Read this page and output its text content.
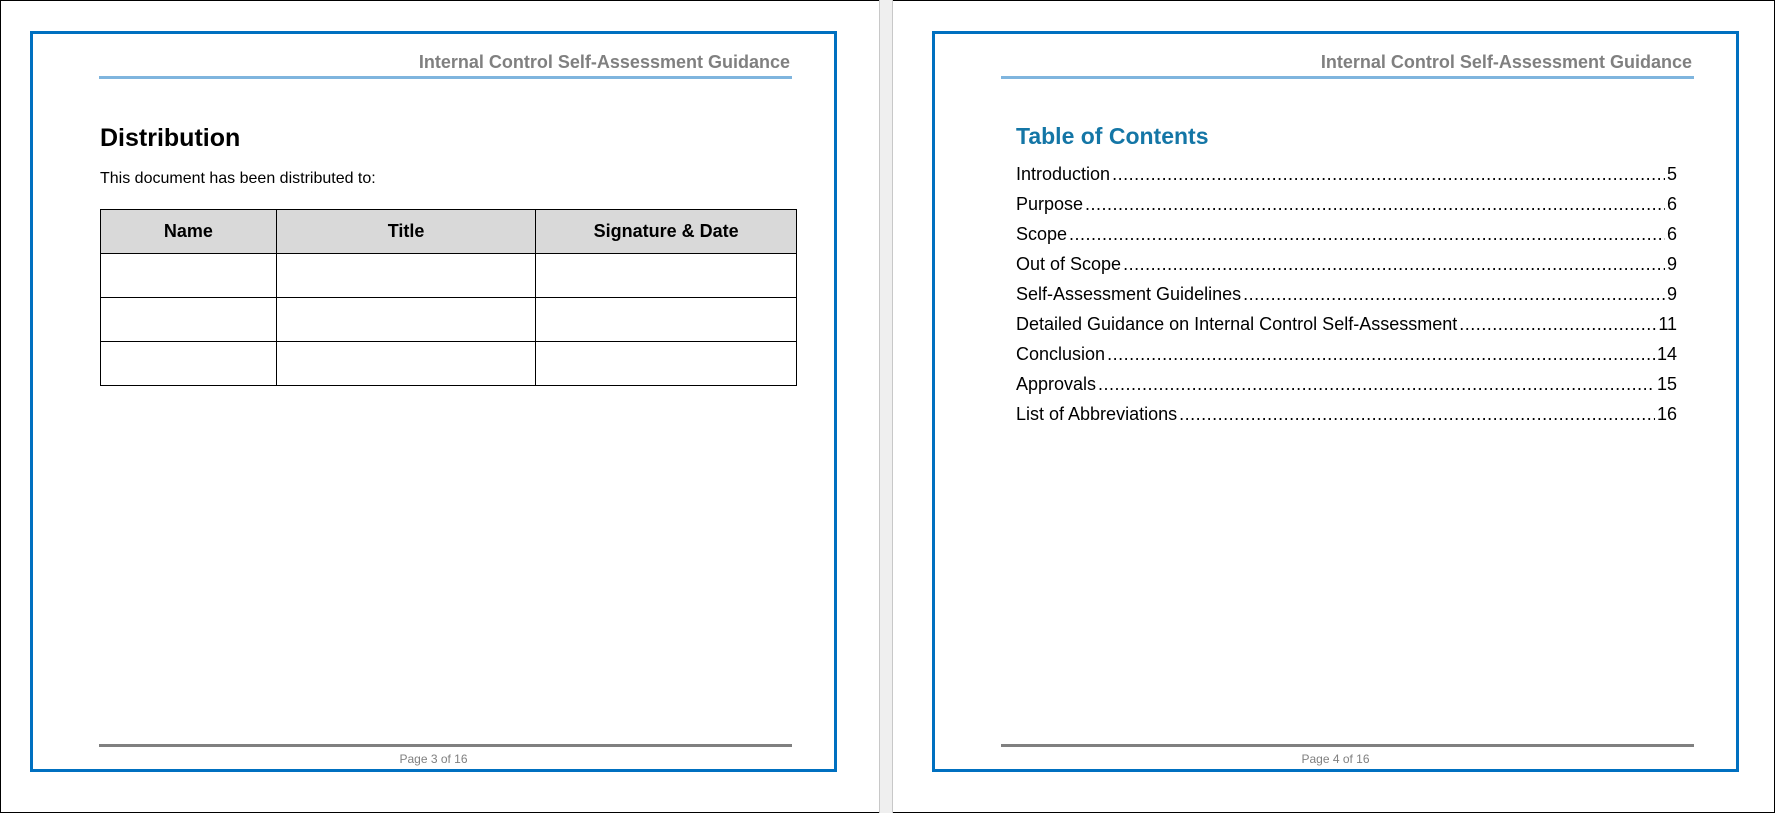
Internal Control Self-Assessment Guidance
Distribution
This document has been distributed to:
Name	Title	Signature & Date

Page 3 of 16
Internal Control Self-Assessment Guidance
Table of Contents
Introduction .....	5
Purpose .....	6
Scope .....	6
Out of Scope .....	9
Self-Assessment Guidelines .....	9
Detailed Guidance on Internal Control Self-Assessment .....	11
Conclusion .....	14
Approvals .....	15
List of Abbreviations .....	16
Page 4 of 16
